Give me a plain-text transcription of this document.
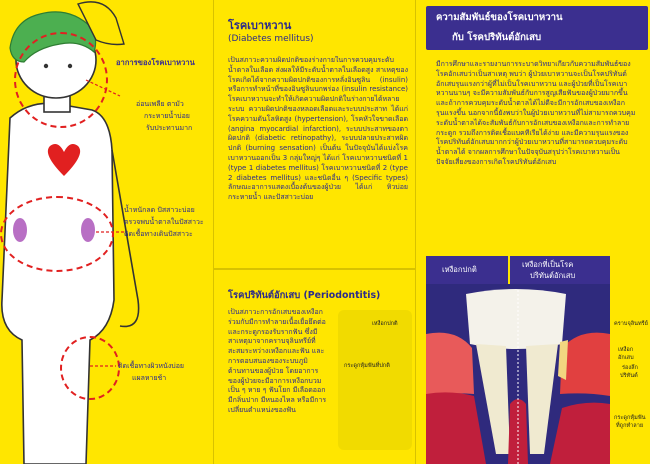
อาการของโรคเบาหวาน
อ่อนเพลีย ตามัว
กระหายน้ำบ่อย
รับประทานมาก
น้ำหนักลด ปัสสาวะบ่อย
ตรวจพบน้ำตาลในปัสสาวะ
ติดเชื้อทางเดินปัสสาวะ
ติดเชื้อทางผิวหนังบ่อย
แผลหายช้า
โรคเบาหวาน
(Diabetes mellitus)
เป็นสภาวะความผิดปกติของร่างกายในการควบคุมระดับน้ำตาลในเลือด ส่งผลให้มีระดับน้ำตาลในเลือดสูง สาเหตุของโรคเกิดได้จากความผิดปกติของการหลั่งอินซูลิน (insulin) หรือการทำหน้าที่ของอินซูลินบกพร่อง (insulin resistance) โรคเบาหวานจะทำให้เกิดความผิดปกติในร่างกายได้หลายระบบ ความผิดปกติของหลอดเลือดและระบบประสาท ได้แก่ โรคความดันโลหิตสูง (hypertension), โรคหัวใจขาดเลือด (angina myocardial infarction), ระบบประสาทของตาผิดปกติ (diabetic retinopathy), ระบบปลายประสาทผิดปกติ (burning sensation) เป็นต้น ในปัจจุบันได้แบ่งโรคเบาหวานออกเป็น 3 กลุ่มใหญ่ๆ ได้แก่ โรคเบาหวานชนิดที่ 1 (type 1 diabetes mellitus) โรคเบาหวานชนิดที่ 2 (type 2 diabetes mellitus) และชนิดอื่น ๆ (Specific types) ลักษณะอาการแสดงเบื้องต้นของผู้ป่วย ได้แก่ หิวบ่อย กระหายน้ำ และปัสสาวะบ่อย
โรคปริทันต์อักเสบ (Periodontitis)
เป็นสภาวะการอักเสบของเหงือกร่วมกับมีการทำลายเนื้อเยื่อยึดต่อและกระดูกรองรับรากฟัน ซึ่งมีสาเหตุมาจากคราบจุลินทรีย์ที่สะสมระหว่างเหงือกและฟัน และการตอบสนองของระบบภูมิต้านทานของผู้ป่วย โดยอาการของผู้ป่วยจะมีอาการเหงือกบวม เป็น ๆ หาย ๆ ฟันโยก มีเลือดออก มีกลิ่นปาก มีหนองไหล หรือมีการเปลี่ยนตำแหน่งของฟัน
ความสัมพันธ์ของโรคเบาหวาน
กับ โรคปริทันต์อักเสบ
มีการศึกษาและรายงานการระบาดวิทยาเกี่ยวกับความสัมพันธ์ของโรคอักเสบว่าเป็นสาเหตุ พบว่า ผู้ป่วยเบาหวานจะเป็นโรคปริทันต์อักเสบรุนแรงกว่าผู้ที่ไม่เป็นโรคเบาหวาน และผู้ป่วยที่เป็นโรคเบาหวานนานๆ จะมีความสัมพันธ์กับการสูญเสียฟันของผู้ป่วยมากขึ้น และถ้าการควบคุมระดับน้ำตาลได้ไม่ดีจะมีการอักเสบของเหงือกรุนแรงขึ้น นอกจากนี้ยังพบว่าในผู้ป่วยเบาหวานที่ไม่สามารถควบคุมระดับน้ำตาลได้จะสัมพันธ์กับการอักเสบของเหงือกและการทำลายกระดูก รวมถึงการติดเชื้อแบคทีเรียได้ง่าย และมีความรุนแรงของโรคปริทันต์อักเสบมากกว่าผู้ป่วยเบาหวานที่สามารถควบคุมระดับน้ำตาลได้ จากผลการศึกษาในปัจจุบันสรุปว่าโรคเบาหวานเป็นปัจจัยเสี่ยงของการเกิดโรคปริทันต์อักเสบ
เหงือกปกติ
เหงือกที่เป็นโรค
ปริทันต์อักเสบ
เหงือกปกติ
กระดูกหุ้มฟันที่ปกติ
คราบจุลินทรีย์
เหงือกอักเสบ
ร่องลึก
ปริทันต์
กระดูกหุ้มฟัน
ที่ถูกทำลาย
